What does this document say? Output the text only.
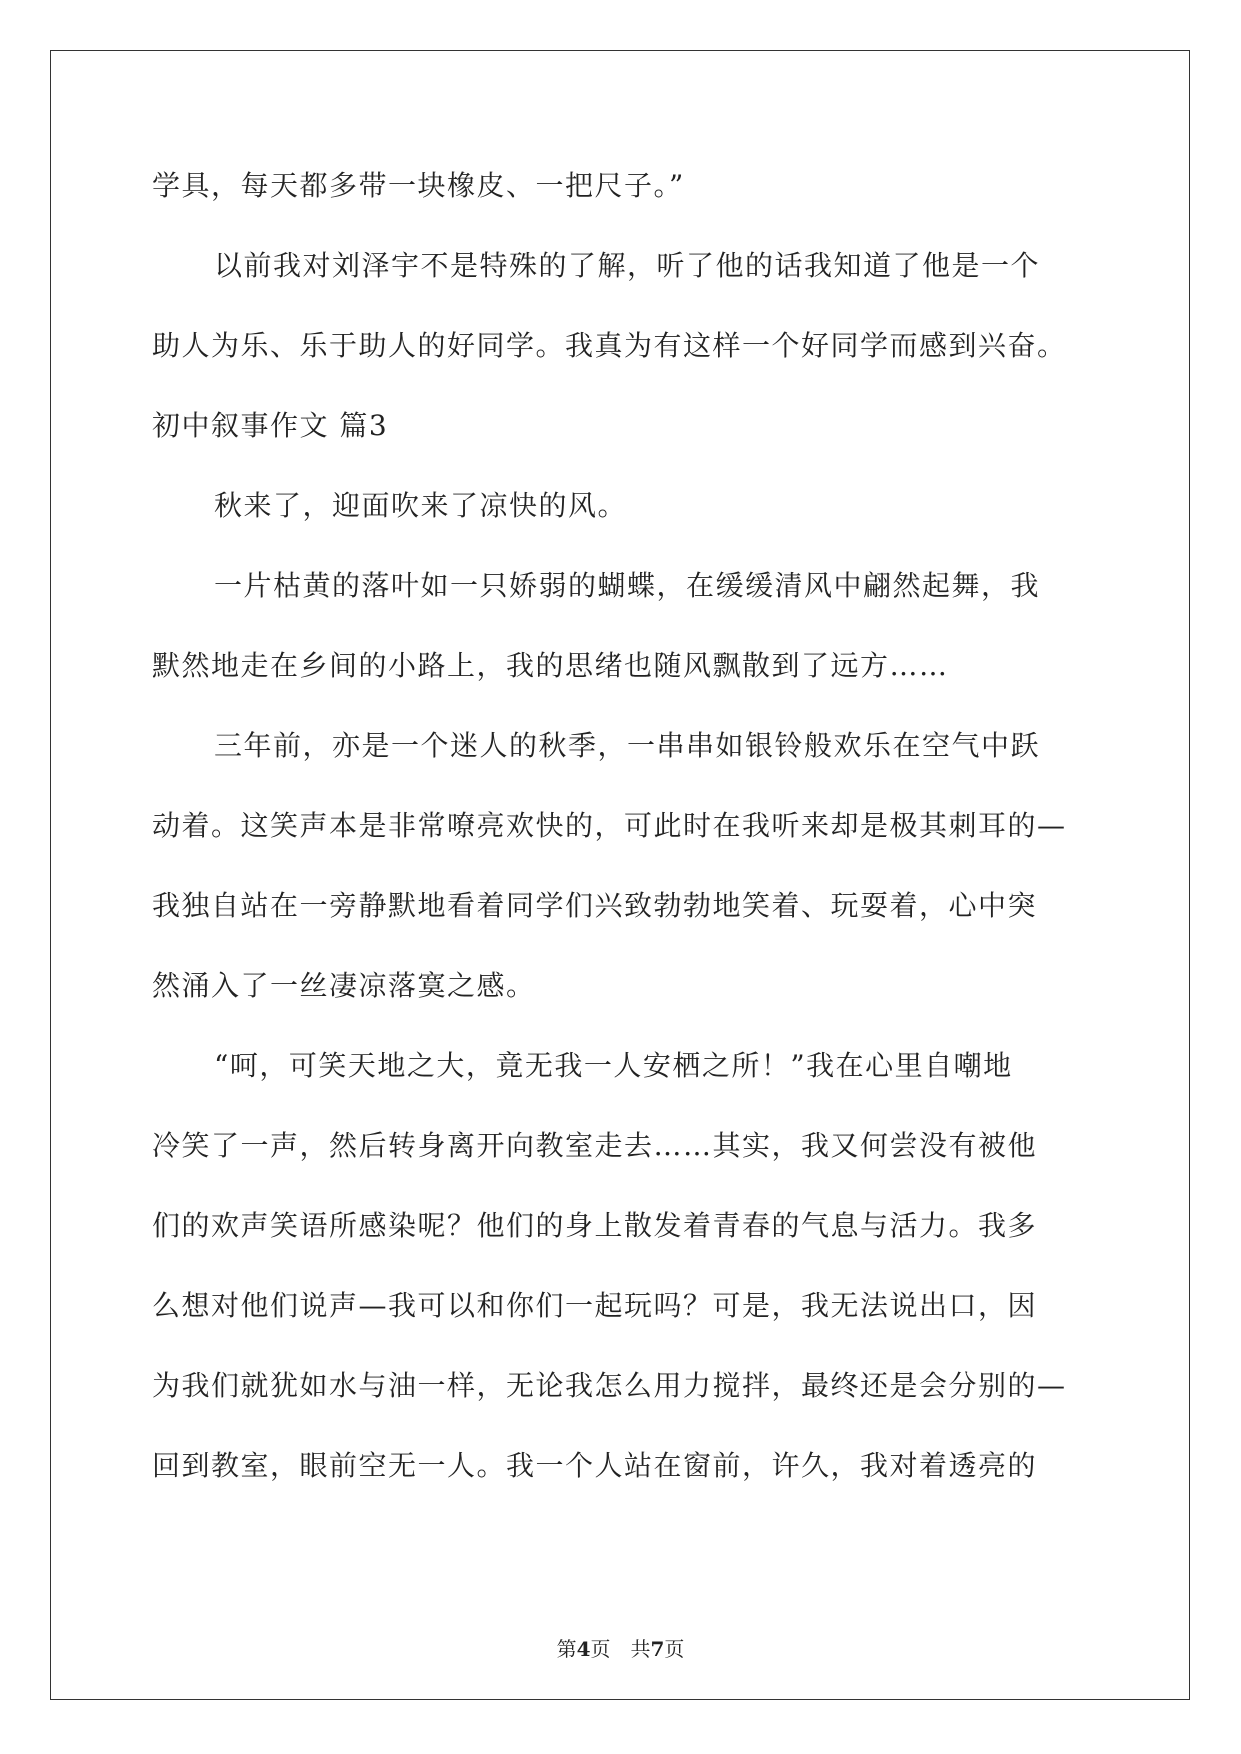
学具，每天都多带一块橡皮、一把尺子。”
以前我对刘泽宇不是特殊的了解，听了他的话我知道了他是一个
助人为乐、乐于助人的好同学。我真为有这样一个好同学而感到兴奋。
初中叙事作文 篇3
秋来了，迎面吹来了凉快的风。
一片枯黄的落叶如一只娇弱的蝴蝶，在缓缓清风中翩然起舞，我
默然地走在乡间的小路上，我的思绪也随风飘散到了远方……
三年前，亦是一个迷人的秋季，一串串如银铃般欢乐在空气中跃
动着。这笑声本是非常嘹亮欢快的，可此时在我听来却是极其刺耳的—
我独自站在一旁静默地看着同学们兴致勃勃地笑着、玩耍着，心中突
然涌入了一丝凄凉落寞之感。
“呵，可笑天地之大，竟无我一人安栖之所！”我在心里自嘲地
冷笑了一声，然后转身离开向教室走去……其实，我又何尝没有被他
们的欢声笑语所感染呢？他们的身上散发着青春的气息与活力。我多
么想对他们说声—我可以和你们一起玩吗？可是，我无法说出口，因
为我们就犹如水与油一样，无论我怎么用力搅拌，最终还是会分别的—
回到教室，眼前空无一人。我一个人站在窗前，许久，我对着透亮的
第4页　共7页
